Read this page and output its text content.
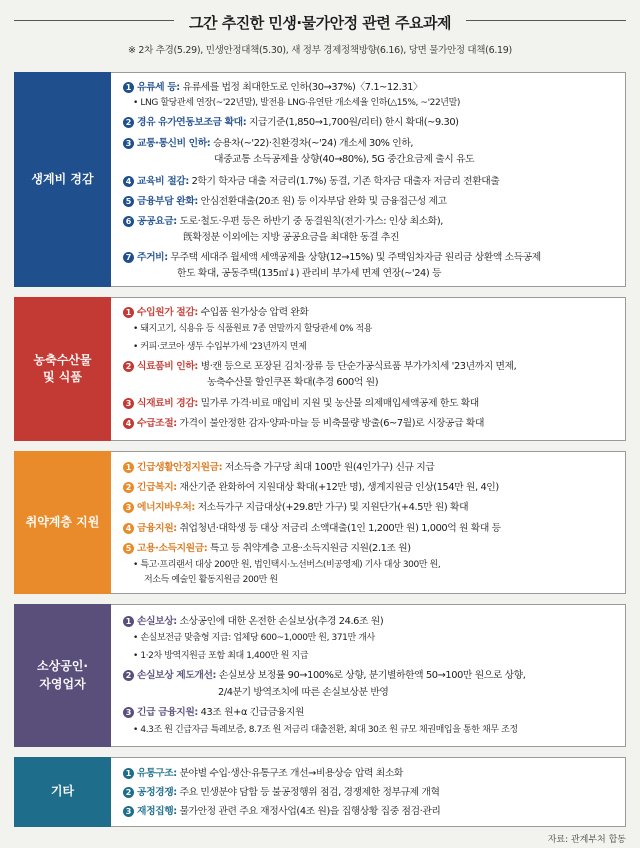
그간 추진한 민생·물가안정 관련 주요과제
※ 2차 추경(5.29), 민생안정대책(5.30), 새 정부 경제정책방향(6.16), 당면 물가안정 대책(6.19)
생계비 경감
1 유류세 등: 유류세를 법정 최대한도로 인하(30→37%)〈7.1~12.31〉
• LNG 할당관세 연장(~'22년말), 발전용 LNG·유연탄 개소세율 인하(△15%, ~'22년말)
2 경유 유가연동보조금 확대: 지급기준(1,850→1,700원/리터) 한시 확대(~9.30)
3 교통·통신비 인하: 승용차(~'22)·친환경차(~'24) 개소세 30% 인하,
대중교통 소득공제율 상향(40→80%), 5G 중간요금제 출시 유도
4 교육비 절감: 2학기 학자금 대출 저금리(1.7%) 동결, 기존 학자금 대출자 저금리 전환대출
5 금융부담 완화: 안심전환대출(20조 원) 등 이자부담 완화 및 금융접근성 제고
6 공공요금: 도로·철도·우편 등은 하반기 중 동결원칙(전기·가스: 인상 최소화),
旣확정분 이외에는 지방 공공요금을 최대한 동결 추진
7 주거비: 무주택 세대주 월세액 세액공제율 상향(12→15%) 및 주택임차자금 원리금 상환액 소득공제
한도 확대, 공동주택(135㎡↓) 관리비 부가세 면제 연장(~'24) 등
농축수산물
및 식품
1 수입원가 절감: 수입품 원가상승 압력 완화
• 돼지고기, 식용유 등 식품원료 7종 연말까지 할당관세 0% 적용
• 커피·코코아 생두 수입부가세 '23년까지 면제
2 식료품비 인하: 병·캔 등으로 포장된 김치·장류 등 단순가공식료품 부가가치세 '23년까지 면제,
농축수산물 할인쿠폰 확대(추경 600억 원)
3 식재료비 경감: 밀가루 가격·비료 매입비 지원 및 농산물 의제매입세액공제 한도 확대
4 수급조절: 가격이 불안정한 감자·양파·마늘 등 비축물량 방출(6~7월)로 시장공급 확대
취약계층 지원
1 긴급생활안정지원금: 저소득층 가구당 최대 100만 원(4인가구) 신규 지급
2 긴급복지: 재산기준 완화하여 지원대상 확대(+12만 명), 생계지원금 인상(154만 원, 4인)
3 에너지바우처: 저소득가구 지급대상(+29.8만 가구) 및 지원단가(+4.5만 원) 확대
4 금융지원: 취업청년·대학생 등 대상 저금리 소액대출(1인 1,200만 원) 1,000억 원 확대 등
5 고용·소득지원금: 특고 등 취약계층 고용·소득지원금 지원(2.1조 원)
• 특고·프리랜서 대상 200만 원, 법인택시·노선버스(비공영제) 기사 대상 300만 원,
저소득 예술인 활동지원금 200만 원
소상공인·
자영업자
1 손실보상: 소상공인에 대한 온전한 손실보상(추경 24.6조 원)
• 손실보전금 맞춤형 지급: 업체당 600~1,000만 원, 371만 개사
• 1·2차 방역지원금 포함 최대 1,400만 원 지급
2 손실보상 제도개선: 손실보상 보정률 90→100%로 상향, 분기별하한액 50→100만 원으로 상향,
2/4분기 방역조치에 따른 손실보상분 반영
3 긴급 금융지원: 43조 원+α 긴급금융지원
• 4.3조 원 긴급자금 특례보증, 8.7조 원 저금리 대출전환, 최대 30조 원 규모 채권매입을 통한 채무 조정
기타
1 유통구조: 분야별 수입·생산·유통구조 개선→비용상승 압력 최소화
2 공정경쟁: 주요 민생분야 담합 등 불공정행위 점검, 경쟁제한 정부규제 개혁
3 재정집행: 물가안정 관련 주요 재정사업(4조 원)을 집행상황 집중 점검·관리
자료: 관계부처 합동
